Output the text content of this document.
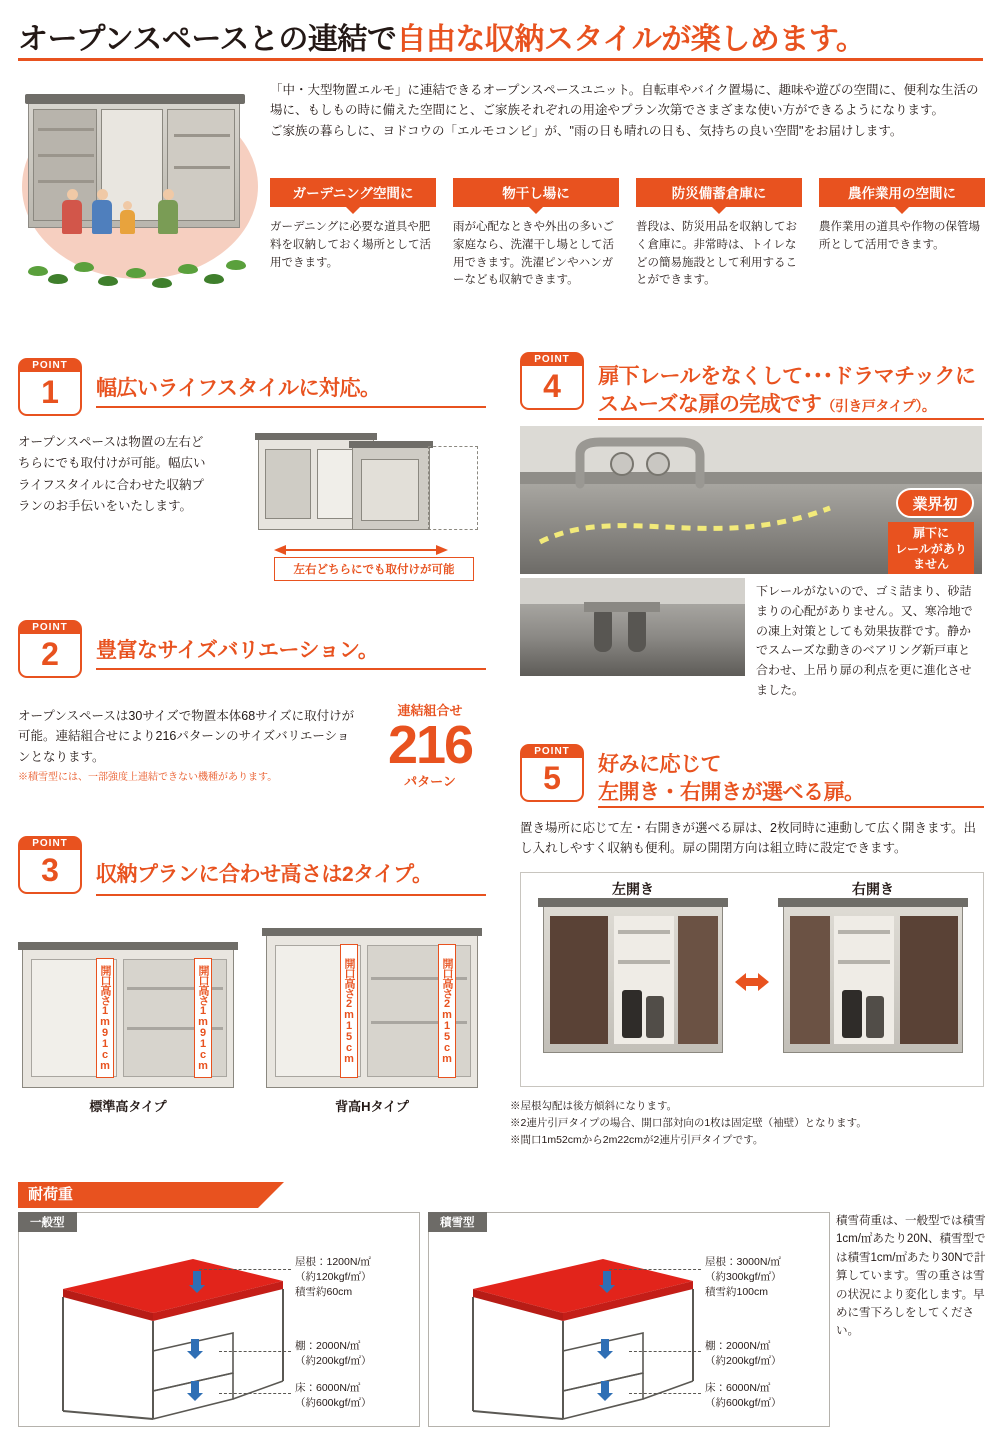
オープンスペースとの連結で自由な収納スタイルが楽しめます。
「中・大型物置エルモ」に連結できるオープンスペースユニット。自転車やバイク置場に、趣味や遊びの空間に、便利な生活の場に、もしもの時に備えた空間にと、ご家族それぞれの用途やプラン次第でさまざまな使い方ができるようになります。
ご家族の暮らしに、ヨドコウの「エルモコンビ」が、"雨の日も晴れの日も、気持ちの良い空間"をお届けします。
ガーデニング空間に
ガーデニングに必要な道具や肥料を収納しておく場所として活用できます。
物干し場に
雨が心配なときや外出の多いご家庭なら、洗濯干し場として活用できます。洗濯ピンやハンガーなども収納できます。
防災備蓄倉庫に
普段は、防災用品を収納しておく倉庫に。非常時は、トイレなどの簡易施設として利用することができます。
農作業用の空間に
農作業用の道具や作物の保管場所として活用できます。
POINT
1	幅広いライフスタイルに対応。
オープンスペースは物置の左右どちらにでも取付けが可能。幅広いライフスタイルに合わせた収納プランのお手伝いをいたします。
左右どちらにでも取付けが可能
POINT
2	豊富なサイズバリエーション。
オープンスペースは30サイズで物置本体68サイズに取付けが可能。連結組合せにより216パターンのサイズバリエーションとなります。
※積雪型には、一部強度上連結できない機種があります。
連結組合せ
216
パターン
POINT
3	収納プランに合わせ高さは2タイプ。
開口高さ1m91cm	開口高さ1m91cm
標準高タイプ
開口高さ2m15cm	開口高さ2m15cm
背高Hタイプ
POINT
4	扉下レールをなくして･･･ドラマチックに
スムーズな扉の完成です（引き戸タイプ）。
業界初
扉下に
レールがありません
下レールがないので、ゴミ詰まり、砂詰まりの心配がありません。又、寒冷地での凍上対策としても効果抜群です。静かでスムーズな動きのベアリング新戸車と合わせ、上吊り扉の利点を更に進化させました。
POINT
5	好みに応じて
左開き・右開きが選べる扉。
置き場所に応じて左・右開きが選べる扉は、2枚同時に連動して広く開きます。出し入れしやすく収納も便利。扉の開閉方向は組立時に設定できます。
左開き	右開き
※屋根勾配は後方傾斜になります。
※2連片引戸タイプの場合、開口部対向の1枚は固定壁（袖壁）となります。
※間口1m52cmから2m22cmが2連片引戸タイプです。
耐荷重
一般型
屋根：1200N/㎡
（約120kgf/㎡）
積雪約60cm
棚：2000N/㎡
（約200kgf/㎡）
床：6000N/㎡
（約600kgf/㎡）
積雪型
屋根：3000N/㎡
（約300kgf/㎡）
積雪約100cm
棚：2000N/㎡
（約200kgf/㎡）
床：6000N/㎡
（約600kgf/㎡）
積雪荷重は、一般型では積雪1cm/㎡あたり20N、積雪型では積雪1cm/㎡あたり30Nで計算しています。雪の重さは雪の状況により変化します。早めに雪下ろしをしてください。
